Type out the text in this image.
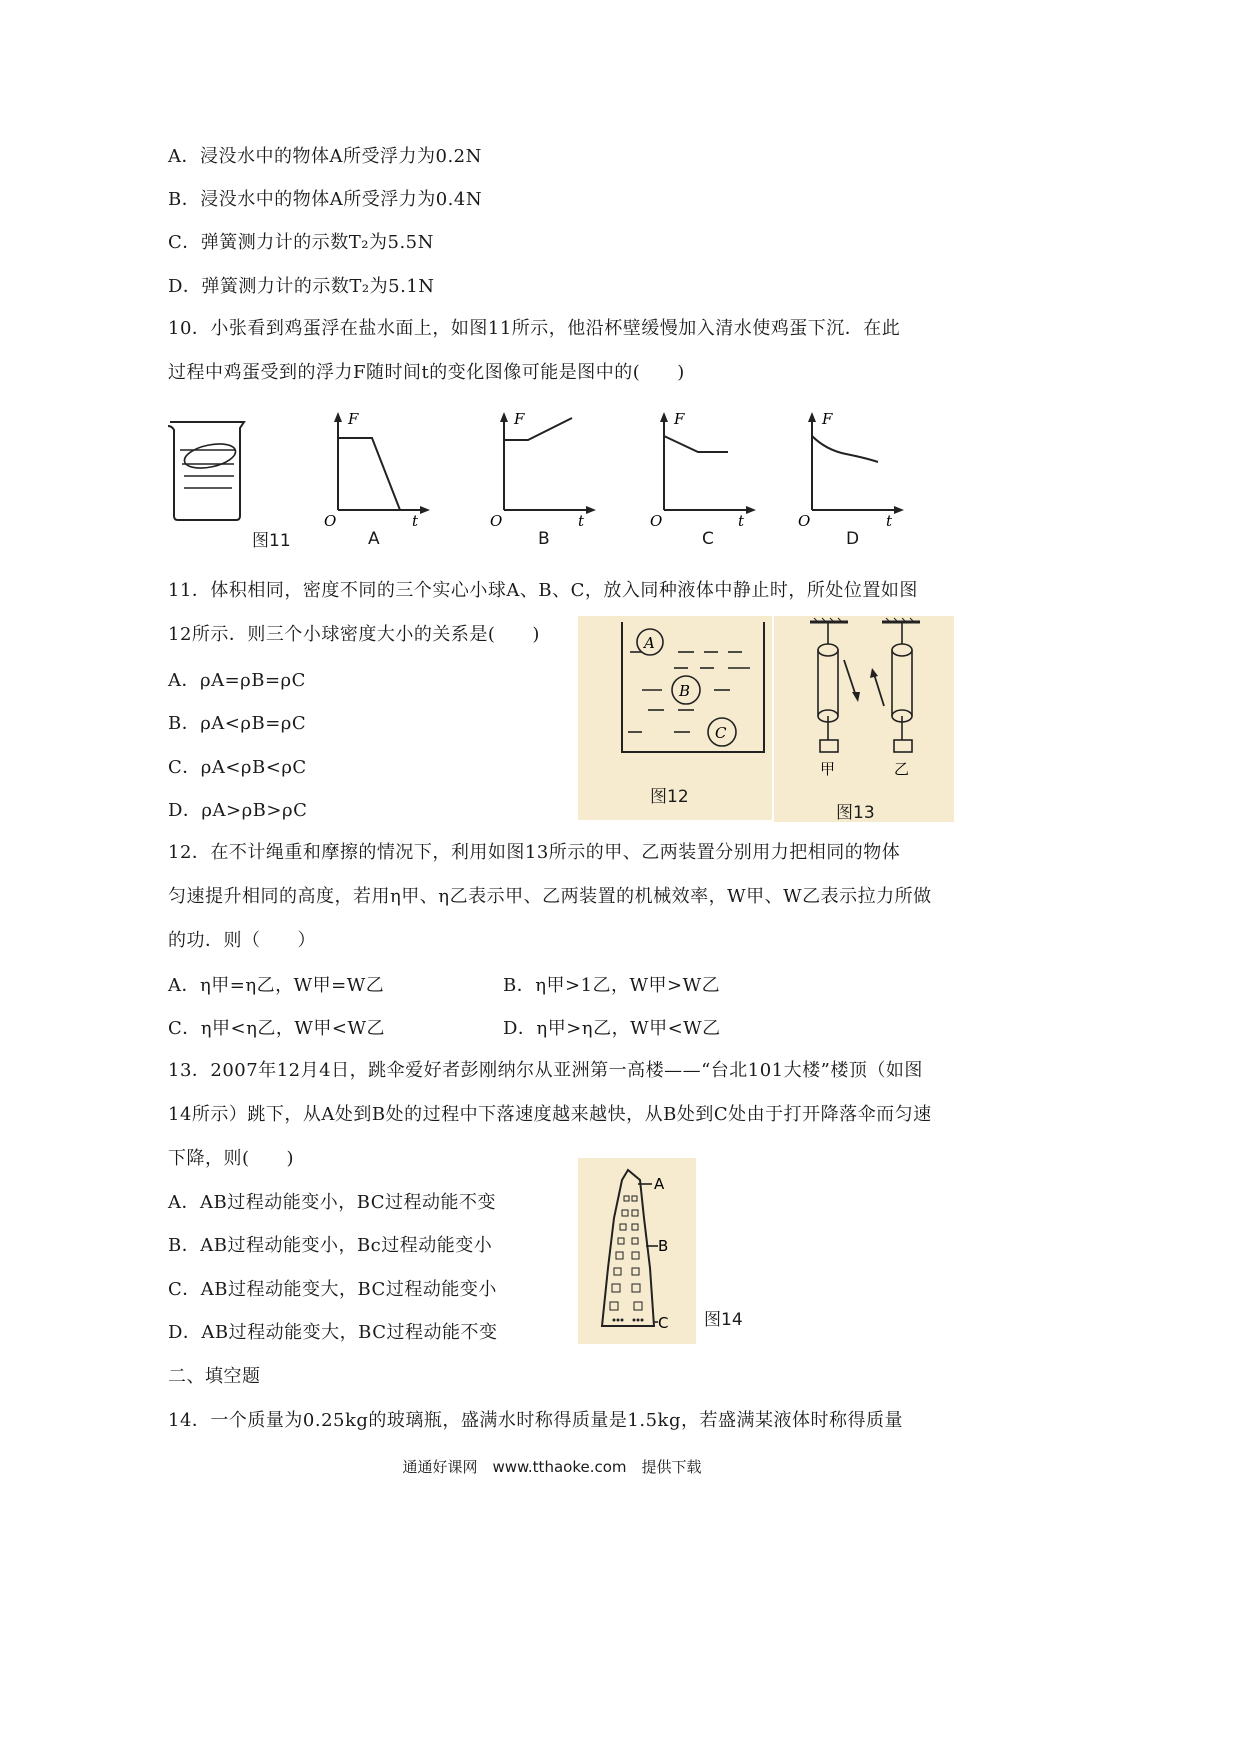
A．浸没水中的物体A所受浮力为0.2N
B．浸没水中的物体A所受浮力为0.4N
C．弹簧测力计的示数T₂为5.5N
D．弹簧测力计的示数T₂为5.1N
10．小张看到鸡蛋浮在盐水面上，如图11所示，他沿杯壁缓慢加入清水使鸡蛋下沉．在此
过程中鸡蛋受到的浮力F随时间t的变化图像可能是图中的(　　)
图11
F
O	t
A
F
O	t
B
F
O	t
C
F
O	t
D
11．体积相同，密度不同的三个实心小球A、B、C，放入同种液体中静止时，所处位置如图
12所示．则三个小球密度大小的关系是(　　)
A．ρA=ρB=ρC
B．ρA<ρB=ρC
C．ρA<ρB<ρC
D．ρA>ρB>ρC
A
B
C
图12
甲	乙
图13
12．在不计绳重和摩擦的情况下，利用如图13所示的甲、乙两装置分别用力把相同的物体
匀速提升相同的高度，若用η甲、η乙表示甲、乙两装置的机械效率，W甲、W乙表示拉力所做
的功．则（　　）
A．η甲=η乙，W甲=W乙	B．η甲>1乙，W甲>W乙
C．η甲<η乙，W甲<W乙	D．η甲>η乙，W甲<W乙
13．2007年12月4日，跳伞爱好者彭刚纳尔从亚洲第一高楼——“台北101大楼”楼顶（如图
14所示）跳下，从A处到B处的过程中下落速度越来越快，从B处到C处由于打开降落伞而匀速
下降，则(　　)
A．AB过程动能变小，BC过程动能不变
B．AB过程动能变小，Bc过程动能变小
C．AB过程动能变大，BC过程动能变小
D．AB过程动能变大，BC过程动能不变
A
B
C 图14
二、填空题
14．一个质量为0.25kg的玻璃瓶，盛满水时称得质量是1.5kg，若盛满某液体时称得质量
通通好课网　www.tthaoke.com　提供下载
